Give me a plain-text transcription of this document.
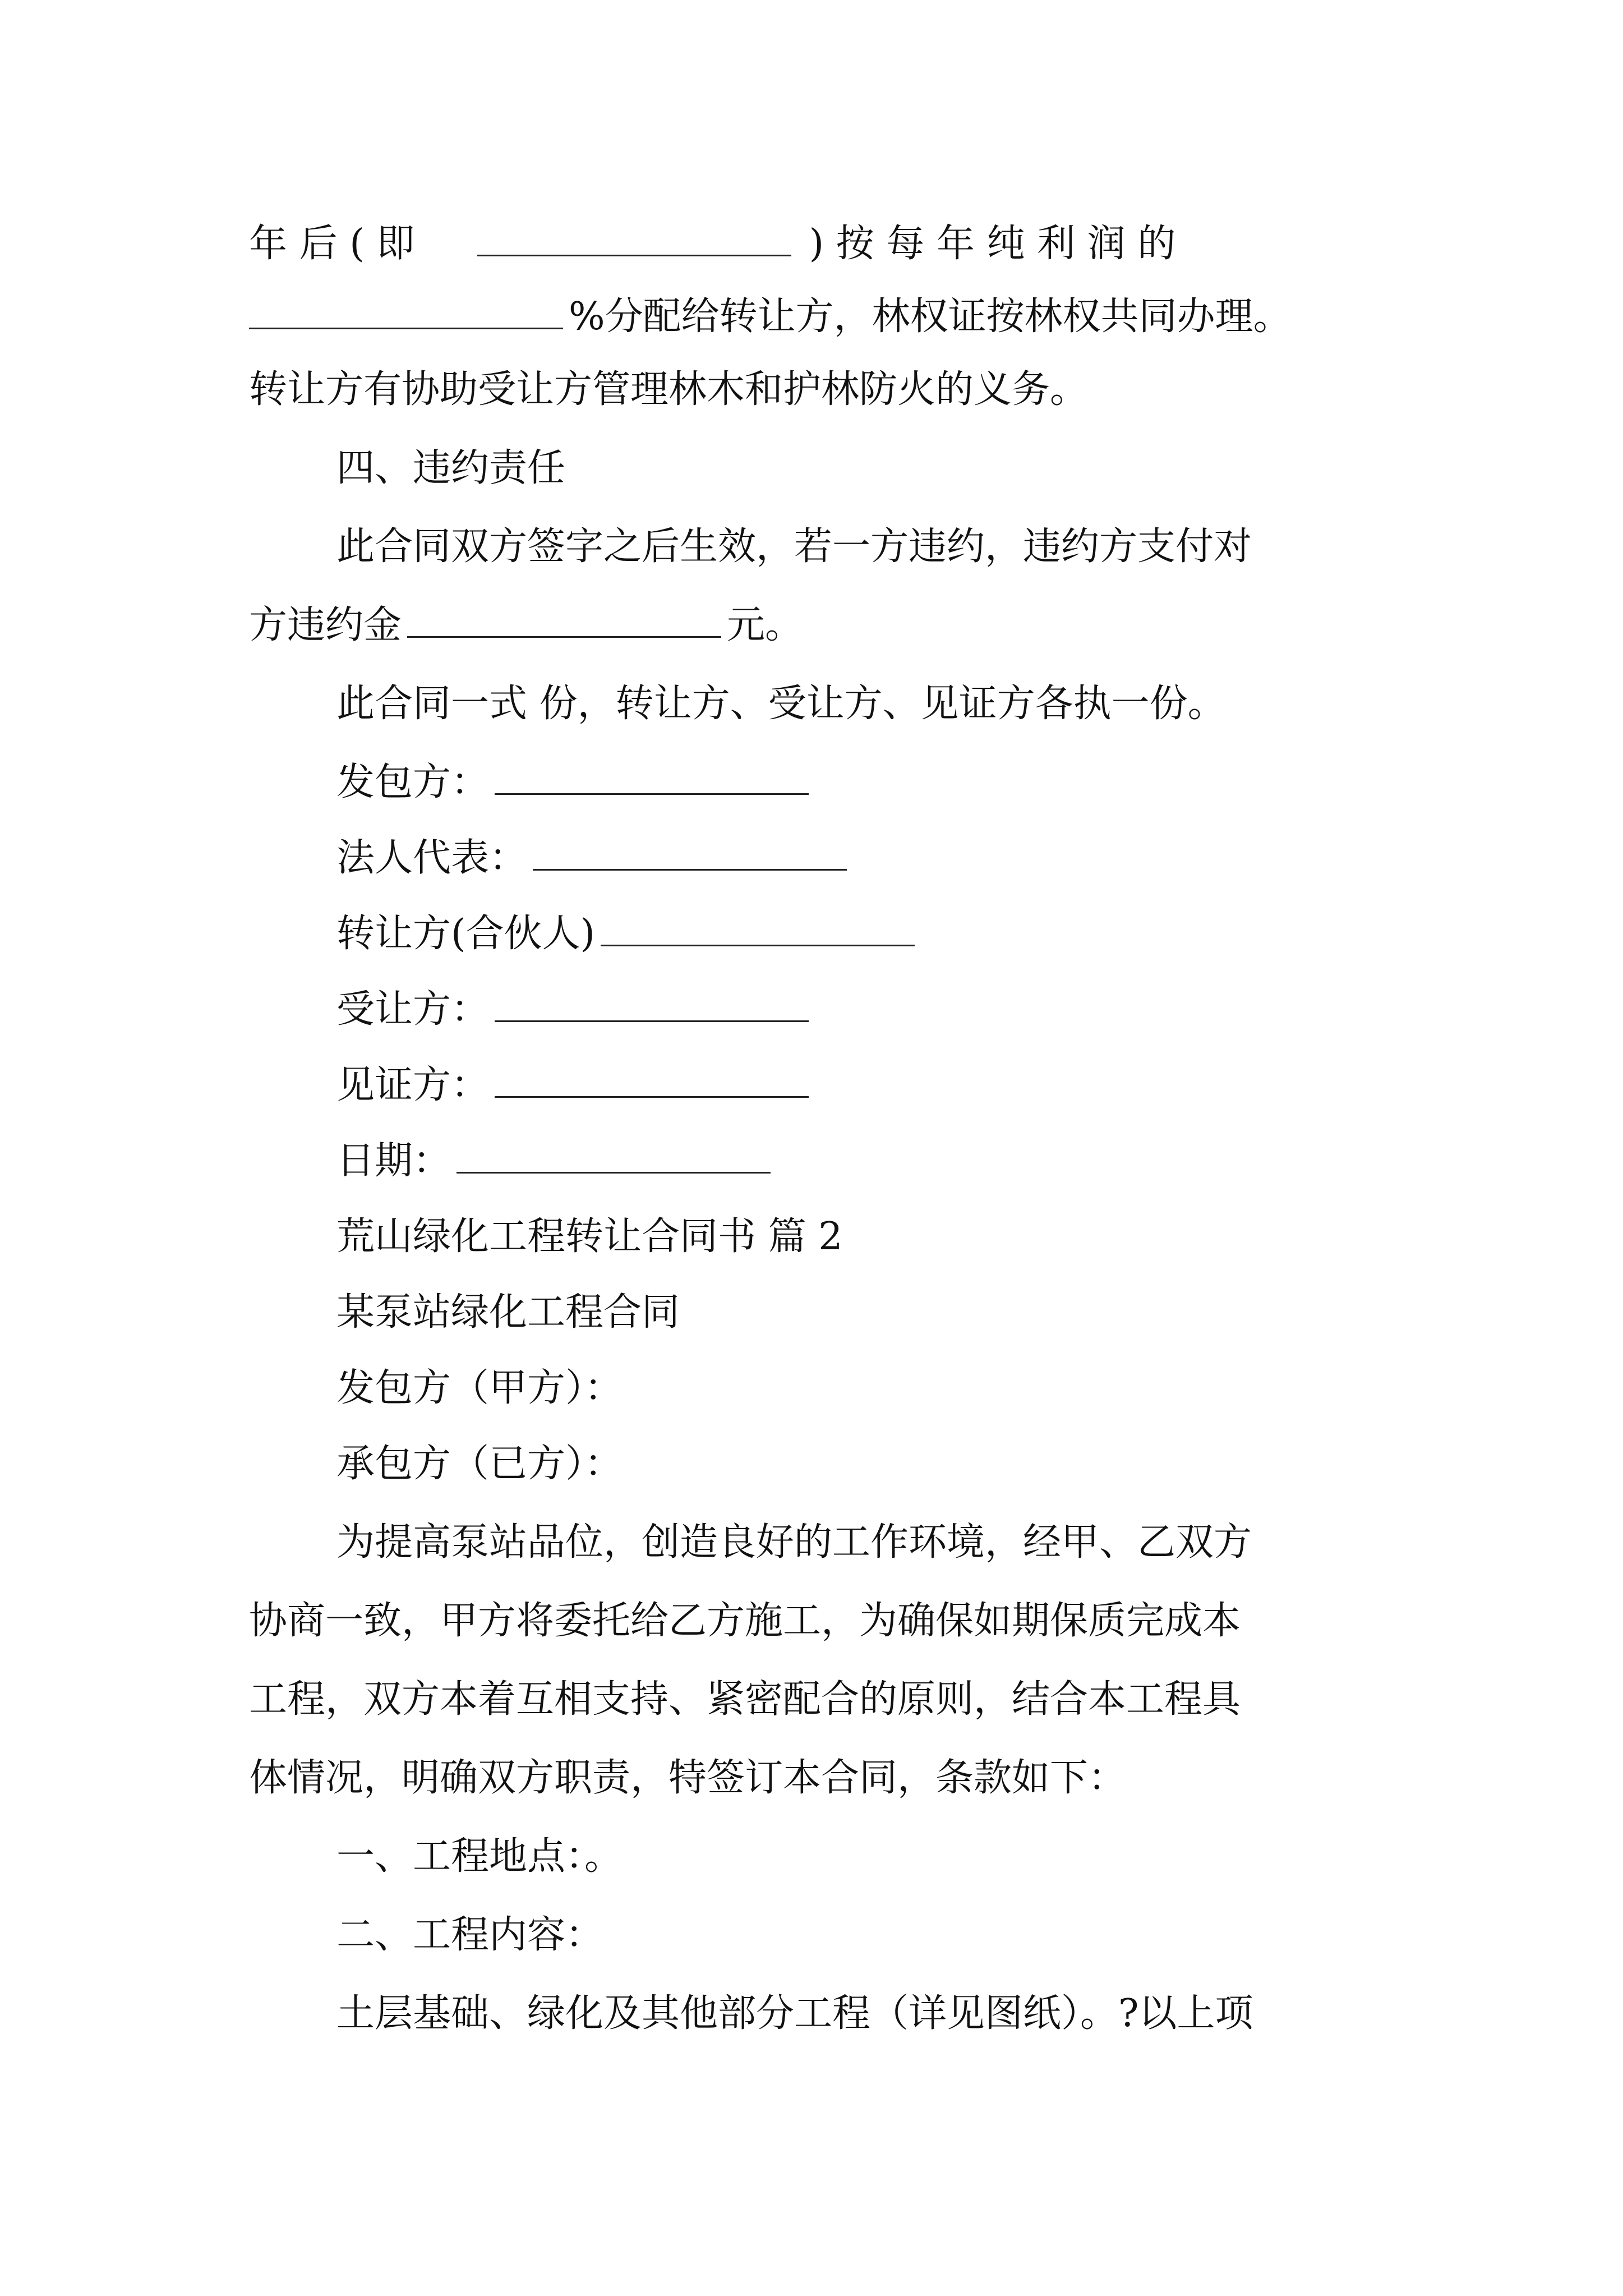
年 后 ( 即	) 按 每 年 纯 利 润 的
%分配给转让方，林权证按林权共同办理。
转让方有协助受让方管理林木和护林防火的义务。
四、违约责任
此合同双方签字之后生效，若一方违约，违约方支付对
方违约金	元。
此合同一式 份，转让方、受让方、见证方各执一份。
发包方：
法人代表：
转让方(合伙人)
受让方：
见证方：
日期：
荒山绿化工程转让合同书 篇 2
某泵站绿化工程合同
发包方（甲方）：
承包方（已方）：
为提高泵站品位，创造良好的工作环境，经甲、乙双方
协商一致，甲方将委托给乙方施工，为确保如期保质完成本
工程，双方本着互相支持、紧密配合的原则，结合本工程具
体情况，明确双方职责，特签订本合同，条款如下：
一、工程地点：。
二、工程内容：
土层基础、绿化及其他部分工程（详见图纸）。?以上项
